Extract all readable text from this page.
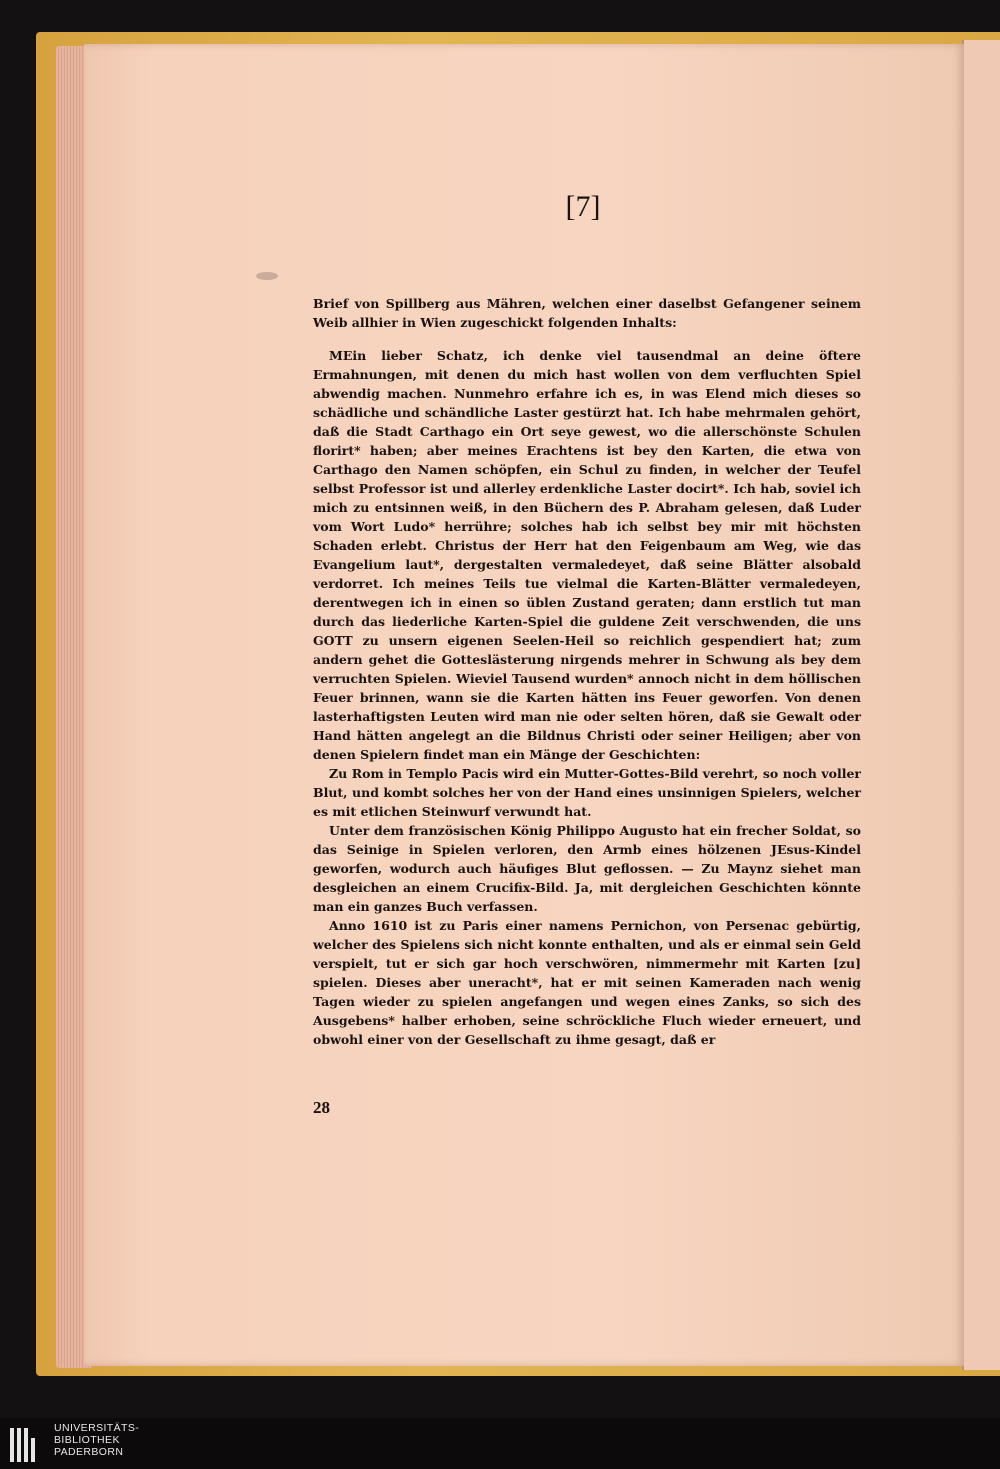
[7]

Brief von Spillberg aus Mähren, welchen einer daselbst Gefangener seinem Weib allhier in Wien zugeschickt folgenden Inhalts:

MEin lieber Schatz, ich denke viel tausendmal an deine öftere Ermahnungen, mit denen du mich hast wollen von dem verfluchten Spiel abwendig machen. Nunmehro erfahre ich es, in was Elend mich dieses so schädliche und schändliche Laster gestürzt hat. Ich habe mehrmalen gehört, daß die Stadt Carthago ein Ort seye gewest, wo die allerschönste Schulen florirt* haben; aber meines Erachtens ist bey den Karten, die etwa von Carthago den Namen schöpfen, ein Schul zu finden, in welcher der Teufel selbst Professor ist und allerley erdenkliche Laster docirt*. Ich hab, soviel ich mich zu entsinnen weiß, in den Büchern des P. Abraham gelesen, daß Luder vom Wort Ludo* herrühre; solches hab ich selbst bey mir mit höchsten Schaden erlebt. Christus der Herr hat den Feigenbaum am Weg, wie das Evangelium laut*, dergestalten vermaledeyet, daß seine Blätter alsobald verdorret. Ich meines Teils tue vielmal die Karten-Blätter vermaledeyen, derentwegen ich in einen so üblen Zustand geraten; dann erstlich tut man durch das liederliche Karten-Spiel die guldene Zeit verschwenden, die uns GOTT zu unsern eigenen Seelen-Heil so reichlich gespendiert hat; zum andern gehet die Gotteslästerung nirgends mehrer in Schwung als bey dem verruchten Spielen. Wieviel Tausend wurden* annoch nicht in dem höllischen Feuer brinnen, wann sie die Karten hätten ins Feuer geworfen. Von denen lasterhaftigsten Leuten wird man nie oder selten hören, daß sie Gewalt oder Hand hätten angelegt an die Bildnus Christi oder seiner Heiligen; aber von denen Spielern findet man ein Mänge der Geschichten:

Zu Rom in Templo Pacis wird ein Mutter-Gottes-Bild verehrt, so noch voller Blut, und kombt solches her von der Hand eines unsinnigen Spielers, welcher es mit etlichen Steinwurf verwundt hat.

Unter dem französischen König Philippo Augusto hat ein frecher Soldat, so das Seinige in Spielen verloren, den Armb eines hölzenen JEsus-Kindel geworfen, wodurch auch häufiges Blut geflossen. — Zu Maynz siehet man desgleichen an einem Crucifix-Bild. Ja, mit dergleichen Geschichten könnte man ein ganzes Buch verfassen.

Anno 1610 ist zu Paris einer namens Pernichon, von Persenac gebürtig, welcher des Spielens sich nicht konnte enthalten, und als er einmal sein Geld verspielt, tut er sich gar hoch verschwören, nimmermehr mit Karten [zu] spielen. Dieses aber uneracht*, hat er mit seinen Kameraden nach wenig Tagen wieder zu spielen angefangen und wegen eines Zanks, so sich des Ausgebens* halber erhoben, seine schröckliche Fluch wieder erneuert, und obwohl einer von der Gesellschaft zu ihme gesagt, daß er

28
UNIVERSITÄTS-
BIBLIOTHEK
PADERBORN
